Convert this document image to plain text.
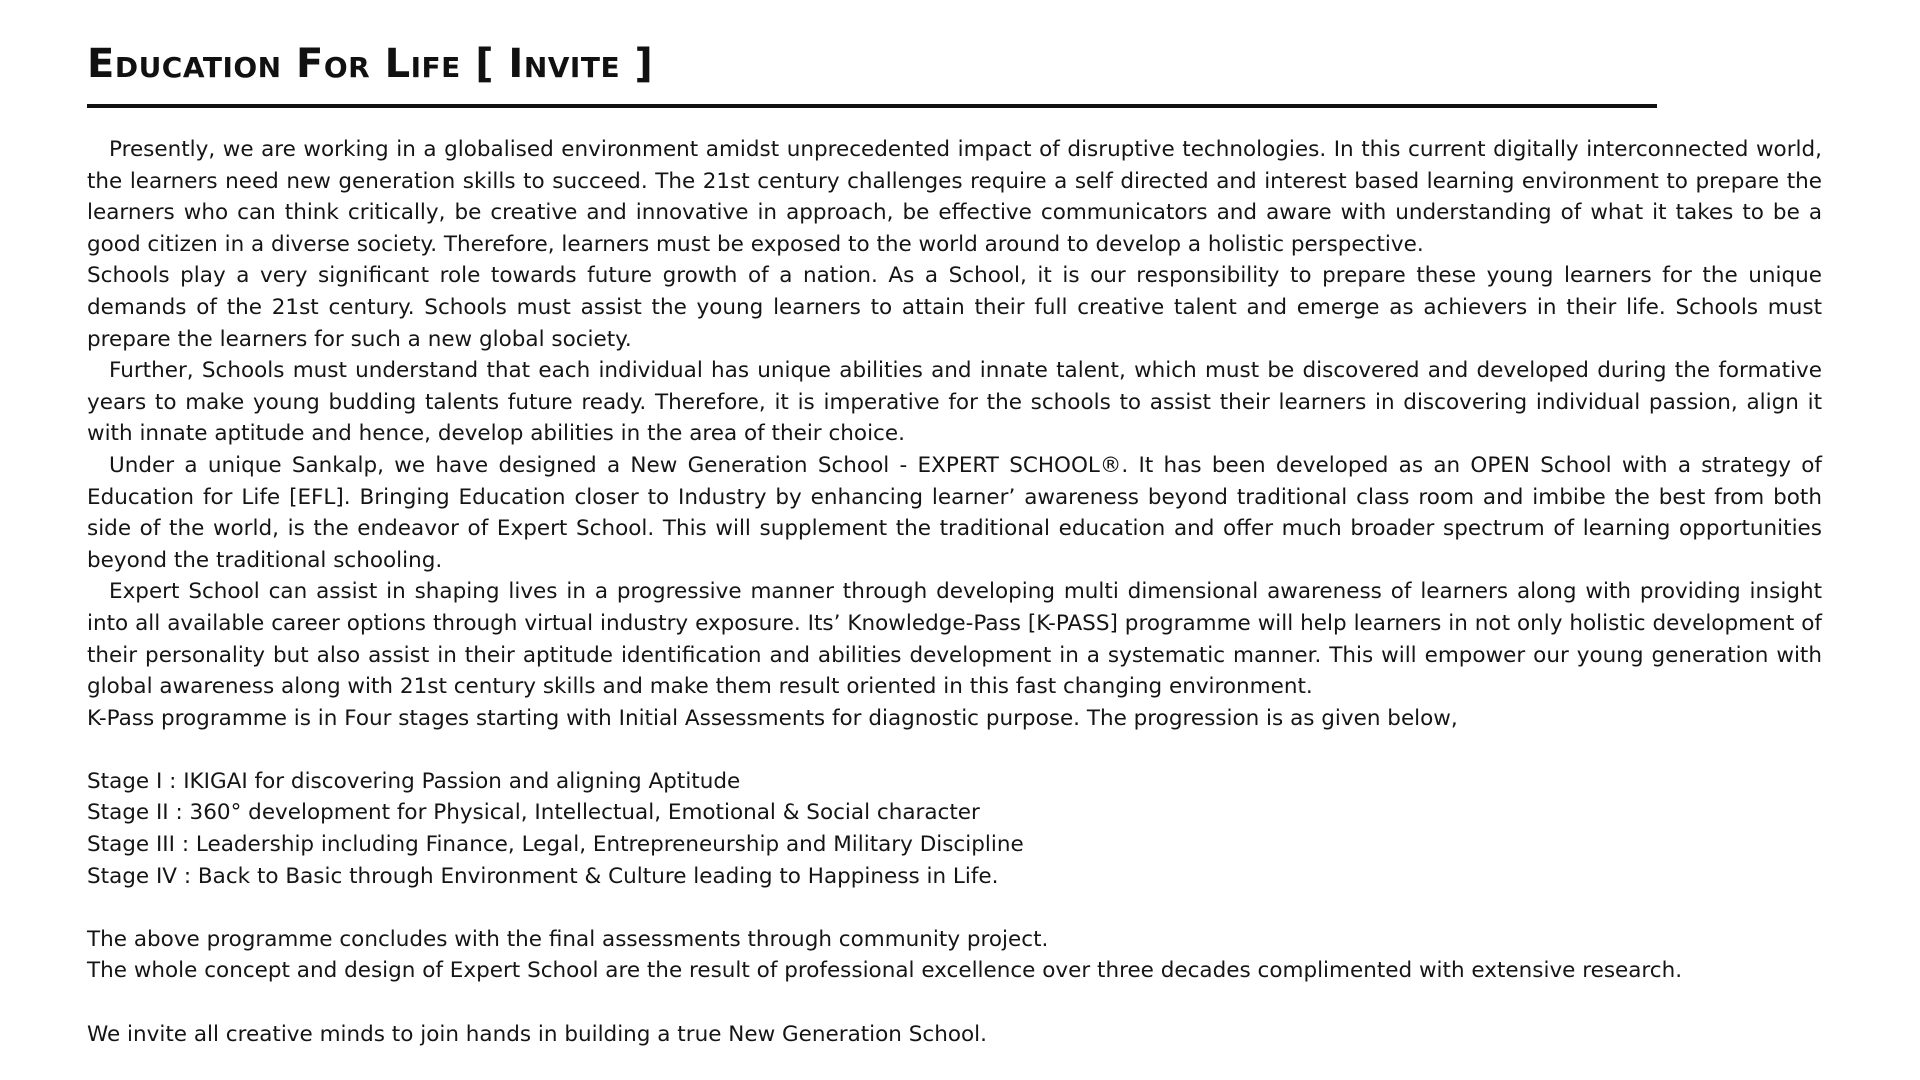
Education For Life [ Invite ]

Presently, we are working in a globalised environment amidst unprecedented impact of disruptive technologies. In this current digitally interconnected world, the learners need new generation skills to succeed. The 21st century challenges require a self directed and interest based learning environment to prepare the learners who can think critically, be creative and innovative in approach, be effective communicators and aware with understanding of what it takes to be a good citizen in a diverse society. Therefore, learners must be exposed to the world around to develop a holistic perspective.

Schools play a very significant role towards future growth of a nation. As a School, it is our responsibility to prepare these young learners for the unique demands of the 21st century. Schools must assist the young learners to attain their full creative talent and emerge as achievers in their life. Schools must prepare the learners for such a new global society.

Further, Schools must understand that each individual has unique abilities and innate talent, which must be discovered and developed during the formative years to make young budding talents future ready. Therefore, it is imperative for the schools to assist their learners in discovering individual passion, align it with innate aptitude and hence, develop abilities in the area of their choice.

Under a unique Sankalp, we have designed a New Generation School - EXPERT SCHOOL®. It has been developed as an OPEN School with a strategy of Education for Life [EFL]. Bringing Education closer to Industry by enhancing learner’ awareness beyond traditional class room and imbibe the best from both side of the world, is the endeavor of Expert School. This will supplement the traditional education and offer much broader spectrum of learning opportunities beyond the traditional schooling.

Expert School can assist in shaping lives in a progressive manner through developing multi dimensional awareness of learners along with providing insight into all available career options through virtual industry exposure. Its’ Knowledge-Pass [K-PASS] programme will help learners in not only holistic development of their personality but also assist in their aptitude identification and abilities development in a systematic manner. This will empower our young generation with global awareness along with 21st century skills and make them result oriented in this fast changing environment.

K-Pass programme is in Four stages starting with Initial Assessments for diagnostic purpose. The progression is as given below,

Stage I : IKIGAI for discovering Passion and aligning Aptitude
Stage II : 360° development for Physical, Intellectual, Emotional & Social character
Stage III : Leadership including Finance, Legal, Entrepreneurship and Military Discipline
Stage IV : Back to Basic through Environment & Culture leading to Happiness in Life.

The above programme concludes with the final assessments through community project.

The whole concept and design of Expert School are the result of professional excellence over three decades complimented with extensive research.

We invite all creative minds to join hands in building a true New Generation School.
